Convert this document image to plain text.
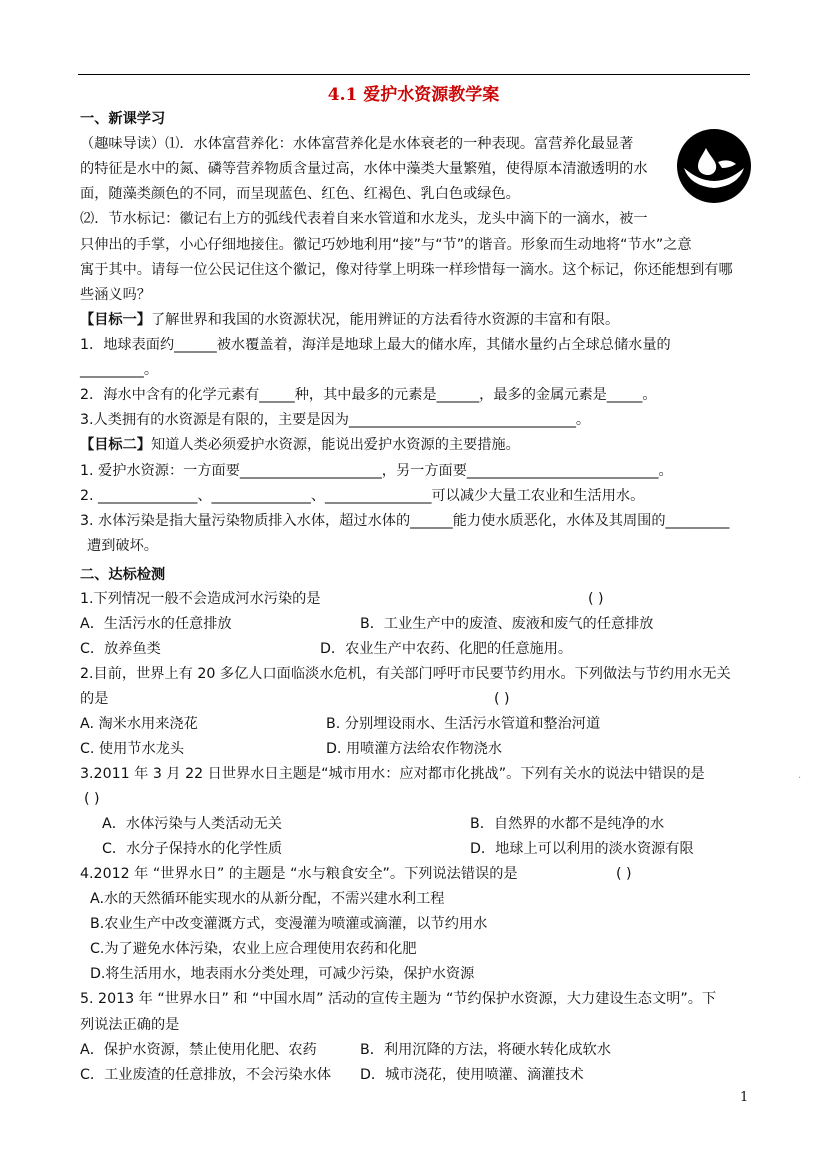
4.1 爱护水资源教学案
一、新课学习
（趣味导读）⑴．水体富营养化：水体富营养化是水体衰老的一种表现。富营养化最显著
的特征是水中的氮、磷等营养物质含量过高，水体中藻类大量繁殖，使得原本清澈透明的水
面，随藻类颜色的不同，而呈现蓝色、红色、红褐色、乳白色或绿色。
⑵．节水标记：徽记右上方的弧线代表着自来水管道和水龙头，龙头中滴下的一滴水，被一
只伸出的手掌，小心仔细地接住。徽记巧妙地利用“接”与“节”的谐音。形象而生动地将“节水”之意
寓于其中。请每一位公民记住这个徽记，像对待掌上明珠一样珍惜每一滴水。这个标记，你还能想到有哪
些涵义吗？
【目标一】了解世界和我国的水资源状况，能用辨证的方法看待水资源的丰富和有限。
1．地球表面约______被水覆盖着，海洋是地球上最大的储水库，其储水量约占全球总储水量的
_________。
2．海水中含有的化学元素有_____种，其中最多的元素是______，最多的金属元素是_____。
3.人类拥有的水资源是有限的，主要是因为________________________________。
【目标二】知道人类必须爱护水资源，能说出爱护水资源的主要措施。
1. 爱护水资源：一方面要____________________，另一方面要___________________________。
2. ______________、______________、_______________可以减少大量工农业和生活用水。
3. 水体污染是指大量污染物质排入水体，超过水体的______能力使水质恶化，水体及其周围的_________
遭到破坏。
二、达标检测
1.下列情况一般不会造成河水污染的是	( )
A．生活污水的任意排放	B．工业生产中的废渣、废液和废气的任意排放
C．放养鱼类	D．农业生产中农药、化肥的任意施用。
2.目前，世界上有 20 多亿人口面临淡水危机，有关部门呼吁市民要节约用水。下列做法与节约用水无关
的是	( )
A. 淘米水用来浇花	B. 分别埋设雨水、生活污水管道和整治河道
C. 使用节水龙头	D. 用喷灌方法给农作物浇水
3.2011 年 3 月 22 日世界水日主题是“城市用水：应对都市化挑战”。下列有关水的说法中错误的是	.
( )
A．水体污染与人类活动无关	B．自然界的水都不是纯净的水
C．水分子保持水的化学性质	D．地球上可以利用的淡水资源有限
4.2012 年 “世界水日” 的主题是 “水与粮食安全”。下列说法错误的是	( )
A.水的天然循环能实现水的从新分配，不需兴建水利工程
B.农业生产中改变灌溉方式，变漫灌为喷灌或滴灌，以节约用水
C.为了避免水体污染，农业上应合理使用农药和化肥
D.将生活用水，地表雨水分类处理，可减少污染，保护水资源
5. 2013 年 “世界水日” 和 “中国水周” 活动的宣传主题为 “节约保护水资源，大力建设生态文明”。下
列说法正确的是
A．保护水资源，禁止使用化肥、农药	B．利用沉降的方法，将硬水转化成软水
C．工业废渣的任意排放，不会污染水体 D．城市浇花，使用喷灌、滴灌技术
1
